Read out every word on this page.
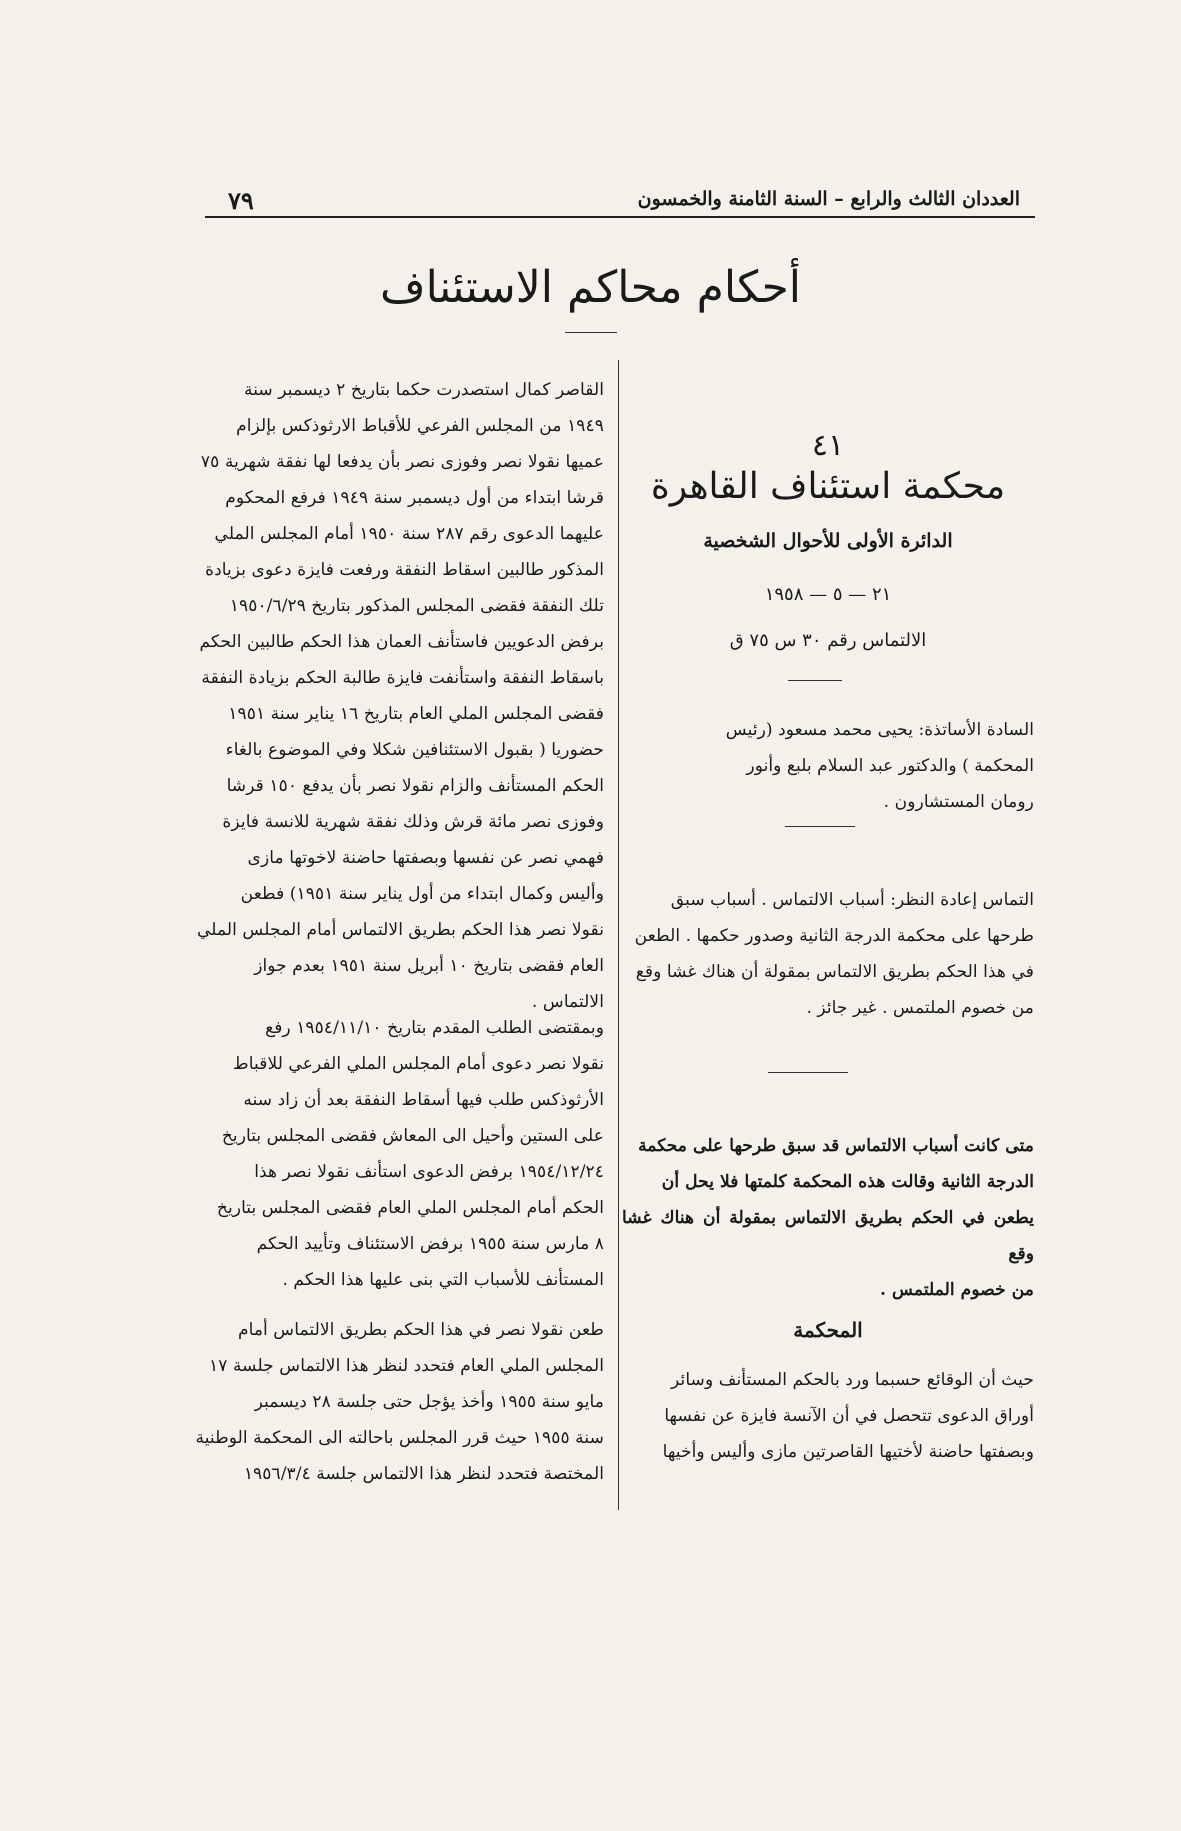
٧٩	العددان الثالث والرابع – السنة الثامنة والخمسون
أحكام محاكم الاستئناف
٤١
محكمة استئناف القاهرة
الدائرة الأولى للأحوال الشخصية
٢١ — ٥ — ١٩٥٨
الالتماس رقم ٣٠ س ٧٥ ق

السادة الأساتذة: يحيى محمد مسعود (رئيس

المحكمة ) والدكتور عبد السلام بلبع وأنور

رومان المستشارون .

التماس إعادة النظر: أسباب الالتماس . أسباب سبق

طرحها على محكمة الدرجة الثانية وصدور حكمها . الطعن

في هذا الحكم بطريق الالتماس بمقولة أن هناك غشا وقع

من خصوم الملتمس . غير جائز .

متى كانت أسباب الالتماس قد سبق طرحها على محكمة

الدرجة الثانية وقالت هذه المحكمة كلمتها فلا يحل أن

يطعن في الحكم بطريق الالتماس بمقولة أن هناك غشا وقع

من خصوم الملتمس .

المحكمة

حيث أن الوقائع حسبما ورد بالحكم المستأنف وسائر

أوراق الدعوى تتحصل في أن الآنسة فايزة عن نفسها

وبصفتها حاضنة لأختيها القاصرتين مازى وأليس وأخيها

القاصر كمال استصدرت حكما بتاريخ ٢ ديسمبر سنة

١٩٤٩ من المجلس الفرعي للأقباط الارثوذكس بإلزام

عميها نقولا نصر وفوزى نصر بأن يدفعا لها نفقة شهرية ٧٥

قرشا ابتداء من أول ديسمبر سنة ١٩٤٩ فرفع المحكوم

عليهما الدعوى رقم ٢٨٧ سنة ١٩٥٠ أمام المجلس الملي

المذكور طالبين اسقاط النفقة ورفعت فايزة دعوى بزيادة

تلك النفقة فقضى المجلس المذكور بتاريخ ١٩٥٠/٦/٢٩

برفض الدعويين فاستأنف العمان هذا الحكم طالبين الحكم

باسقاط النفقة واستأنفت فايزة طالبة الحكم بزيادة النفقة

فقضى المجلس الملي العام بتاريخ ١٦ يناير سنة ١٩٥١

حضوريا ( بقبول الاستئنافين شكلا وفي الموضوع بالغاء

الحكم المستأنف والزام نقولا نصر بأن يدفع ١٥٠ قرشا

وفوزى نصر مائة قرش وذلك نفقة شهرية للانسة فايزة

فهمي نصر عن نفسها وبصفتها حاضنة لاخوتها مازى

وأليس وكمال ابتداء من أول يناير سنة ١٩٥١) فطعن

نقولا نصر هذا الحكم بطريق الالتماس أمام المجلس الملي

العام فقضى بتاريخ ١٠ أبريل سنة ١٩٥١ بعدم جواز

الالتماس .

وبمقتضى الطلب المقدم بتاريخ ١٩٥٤/١١/١٠ رفع

نقولا نصر دعوى أمام المجلس الملي الفرعي للاقباط

الأرثوذكس طلب فيها أسقاط النفقة بعد أن زاد سنه

على الستين وأحيل الى المعاش فقضى المجلس بتاريخ

١٩٥٤/١٢/٢٤ برفض الدعوى استأنف نقولا نصر هذا

الحكم أمام المجلس الملي العام فقضى المجلس بتاريخ

٨ مارس سنة ١٩٥٥ برفض الاستئناف وتأييد الحكم

المستأنف للأسباب التي بنى عليها هذا الحكم .

طعن نقولا نصر في هذا الحكم بطريق الالتماس أمام

المجلس الملي العام فتحدد لنظر هذا الالتماس جلسة ١٧

مايو سنة ١٩٥٥ وأخذ يؤجل حتى جلسة ٢٨ ديسمبر

سنة ١٩٥٥ حيث قرر المجلس باحالته الى المحكمة الوطنية

المختصة فتحدد لنظر هذا الالتماس جلسة ١٩٥٦/٣/٤
